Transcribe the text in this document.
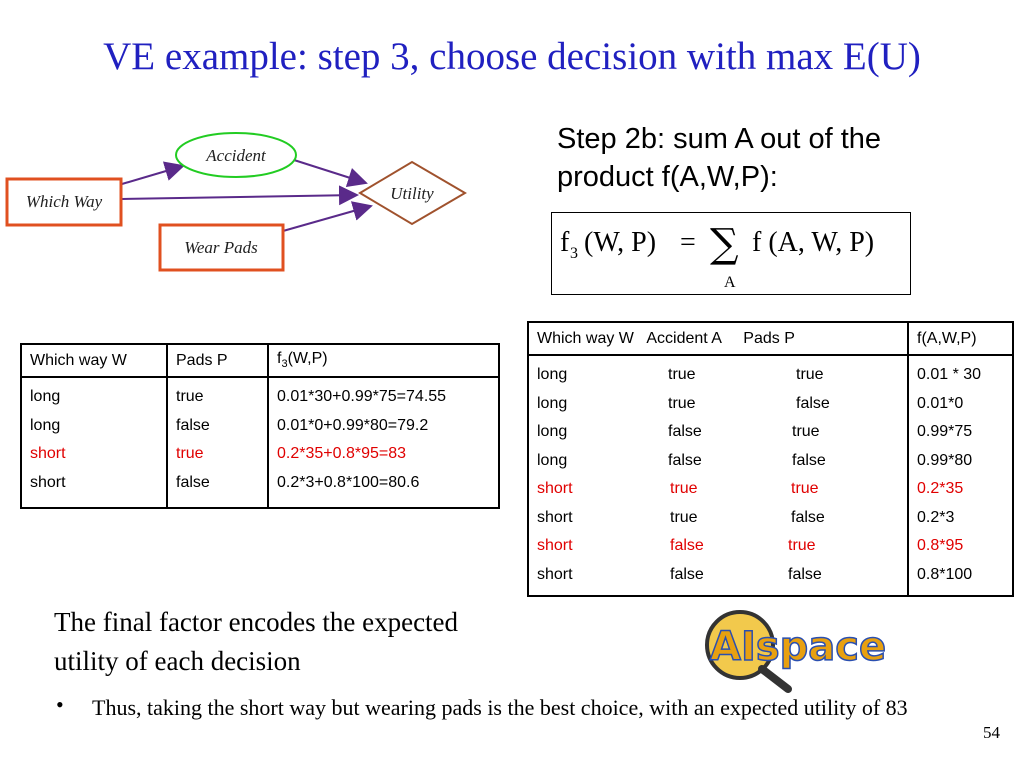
VE example: step 3, choose decision with max E(U)
Which Way
Accident
Wear Pads
Utility
Step 2b: sum A out of the product f(A,W,P):
f 3 (W, P) = ∑
A
f (A, W, P)
Which way W	Pads P	$f_3(W,P)$
long	true	0.01*30+0.99*75=74.55
long	false	0.01*0+0.99*80=79.2
short	true	0.2*35+0.8*95=83
short	false	0.2*3+0.8*100=80.6
Which way W   Accident A     Pads P	f(A,W,P)
long true true	0.01 * 30
long true false	0.01*0
long false true	0.99*75
long false false	0.99*80
short true true	0.2*35
short true false	0.2*3
short false true	0.8*95
short false false	0.8*100
The final factor encodes the expected utility of each decision	AIspace
• Thus, taking the short way but wearing pads is the best choice, with an expected utility of 83
54
